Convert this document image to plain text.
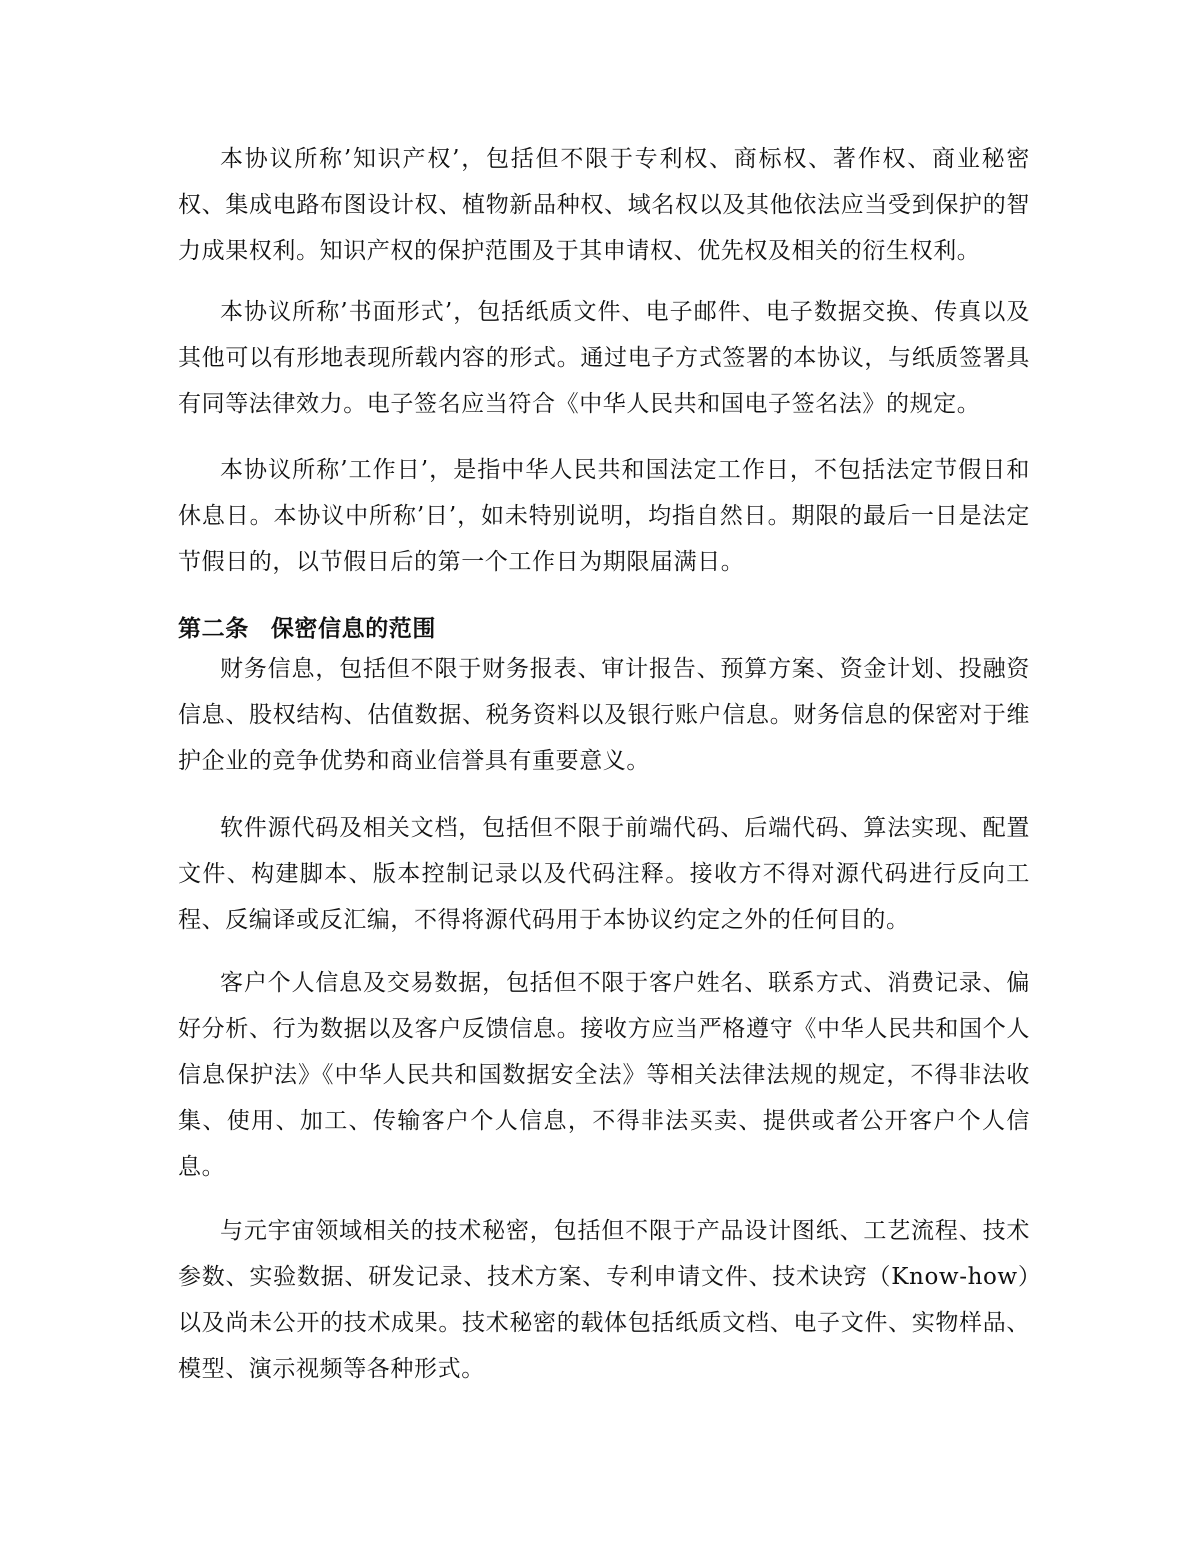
本协议所称’知识产权’，包括但不限于专利权、商标权、著作权、商业秘密权、集成电路布图设计权、植物新品种权、域名权以及其他依法应当受到保护的智力成果权利。知识产权的保护范围及于其申请权、优先权及相关的衍生权利。

本协议所称’书面形式’，包括纸质文件、电子邮件、电子数据交换、传真以及其他可以有形地表现所载内容的形式。通过电子方式签署的本协议，与纸质签署具有同等法律效力。电子签名应当符合《中华人民共和国电子签名法》的规定。

本协议所称’工作日’，是指中华人民共和国法定工作日，不包括法定节假日和休息日。本协议中所称’日’，如未特别说明，均指自然日。期限的最后一日是法定节假日的，以节假日后的第一个工作日为期限届满日。

第二条 保密信息的范围

财务信息，包括但不限于财务报表、审计报告、预算方案、资金计划、投融资信息、股权结构、估值数据、税务资料以及银行账户信息。财务信息的保密对于维护企业的竞争优势和商业信誉具有重要意义。

软件源代码及相关文档，包括但不限于前端代码、后端代码、算法实现、配置文件、构建脚本、版本控制记录以及代码注释。接收方不得对源代码进行反向工程、反编译或反汇编，不得将源代码用于本协议约定之外的任何目的。

客户个人信息及交易数据，包括但不限于客户姓名、联系方式、消费记录、偏好分析、行为数据以及客户反馈信息。接收方应当严格遵守《中华人民共和国个人信息保护法》《中华人民共和国数据安全法》等相关法律法规的规定，不得非法收集、使用、加工、传输客户个人信息，不得非法买卖、提供或者公开客户个人信息。

与元宇宙领域相关的技术秘密，包括但不限于产品设计图纸、工艺流程、技术参数、实验数据、研发记录、技术方案、专利申请文件、技术诀窍（Know-how）以及尚未公开的技术成果。技术秘密的载体包括纸质文档、电子文件、实物样品、模型、演示视频等各种形式。
